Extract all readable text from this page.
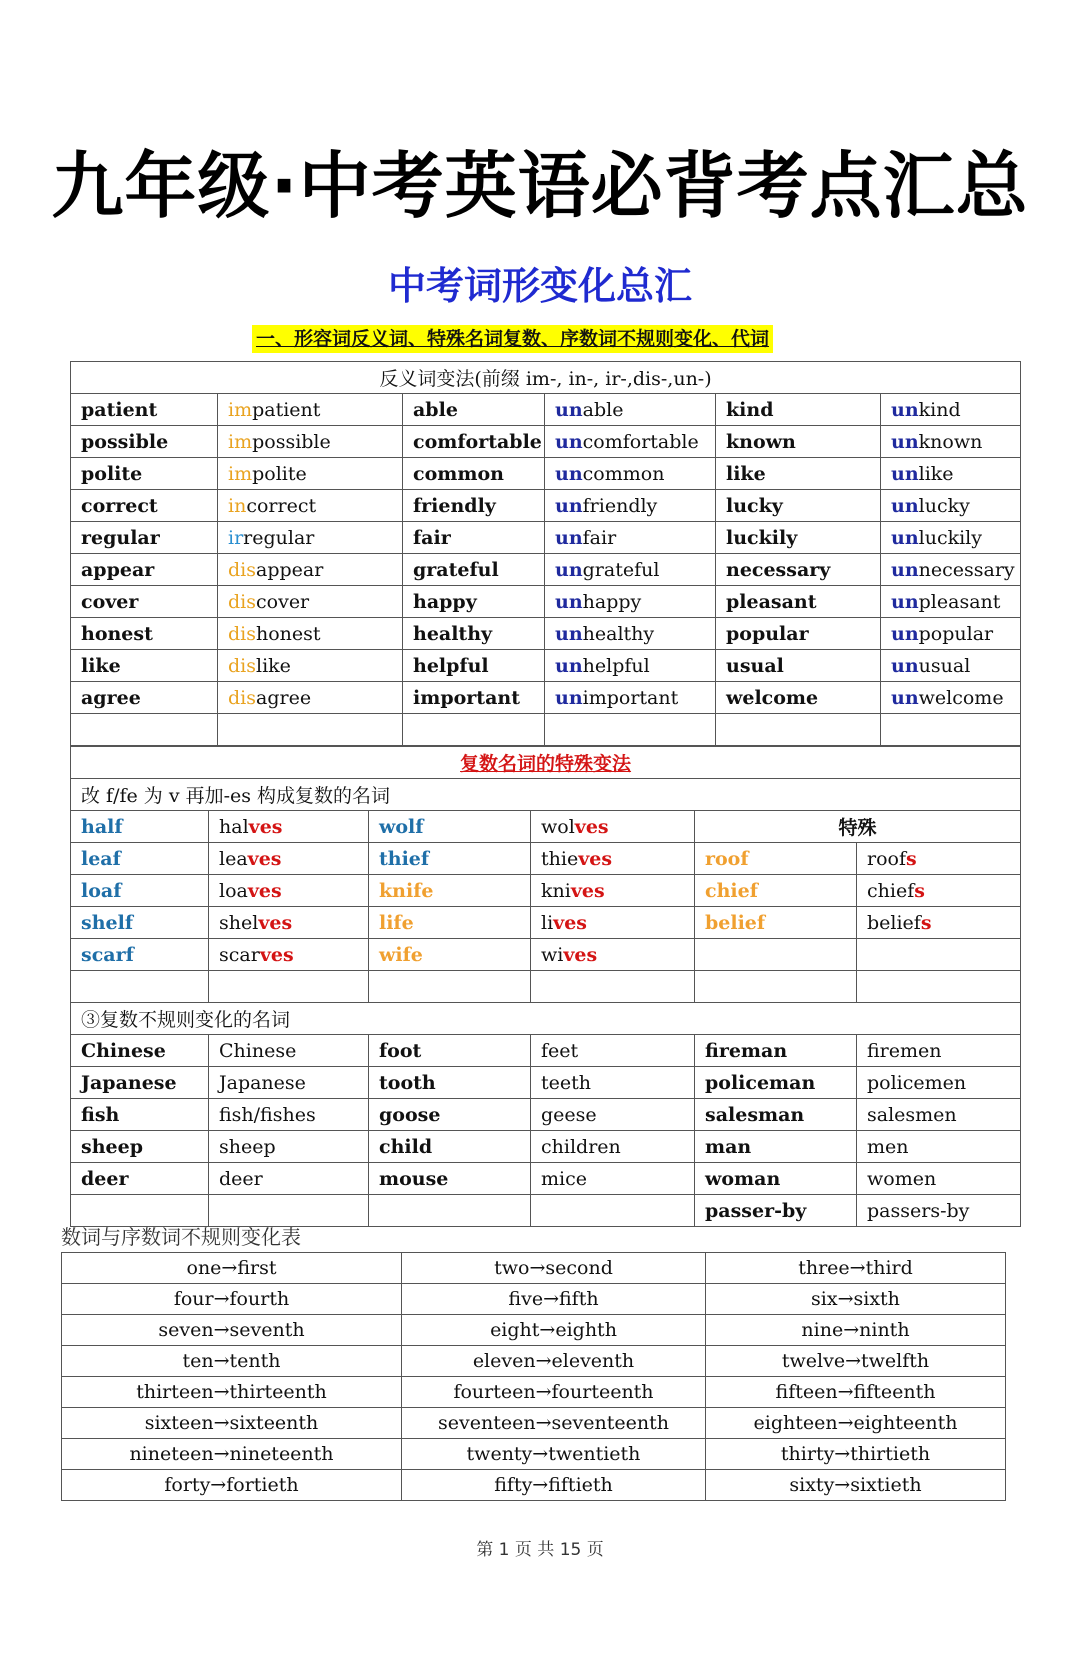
九年级·中考英语必背考点汇总
中考词形变化总汇
一、形容词反义词、特殊名词复数、序数词不规则变化、代词
反义词变法(前缀 im-, in-, ir-,dis-,un-)					
patient	impatient	able	unable	kind	unkind
possible	impossible	comfortable	uncomfortable	known	unknown
polite	impolite	common	uncommon	like	unlike
correct	incorrect	friendly	unfriendly	lucky	unlucky
regular	irregular	fair	unfair	luckily	unluckily
appear	disappear	grateful	ungrateful	necessary	unnecessary
cover	discover	happy	unhappy	pleasant	unpleasant
honest	dishonest	healthy	unhealthy	popular	unpopular
like	dislike	helpful	unhelpful	usual	unusual
agree	disagree	important	unimportant	welcome	unwelcome

复数名词的特殊变法					
改 f/fe 为 v 再加-es 构成复数的名词					
half	halves	wolf	wolves	特殊	
leaf	leaves	thief	thieves	roof	roofs
loaf	loaves	knife	knives	chief	chiefs
shelf	shelves	life	lives	belief	beliefs
scarf	scarves	wife	wives		

③复数不规则变化的名词					
Chinese	Chinese	foot	feet	fireman	firemen
Japanese	Japanese	tooth	teeth	policeman	policemen
fish	fish/fishes	goose	geese	salesman	salesmen
sheep	sheep	child	children	man	men
deer	deer	mouse	mice	woman	women
				passer-by	passers-by
数词与序数词不规则变化表
one→first	two→second	three→third
four→fourth	five→fifth	six→sixth
seven→seventh	eight→eighth	nine→ninth
ten→tenth	eleven→eleventh	twelve→twelfth
thirteen→thirteenth	fourteen→fourteenth	fifteen→fifteenth
sixteen→sixteenth	seventeen→seventeenth	eighteen→eighteenth
nineteen→nineteenth	twenty→twentieth	thirty→thirtieth
forty→fortieth	fifty→fiftieth	sixty→sixtieth
第 1 页 共 15 页
